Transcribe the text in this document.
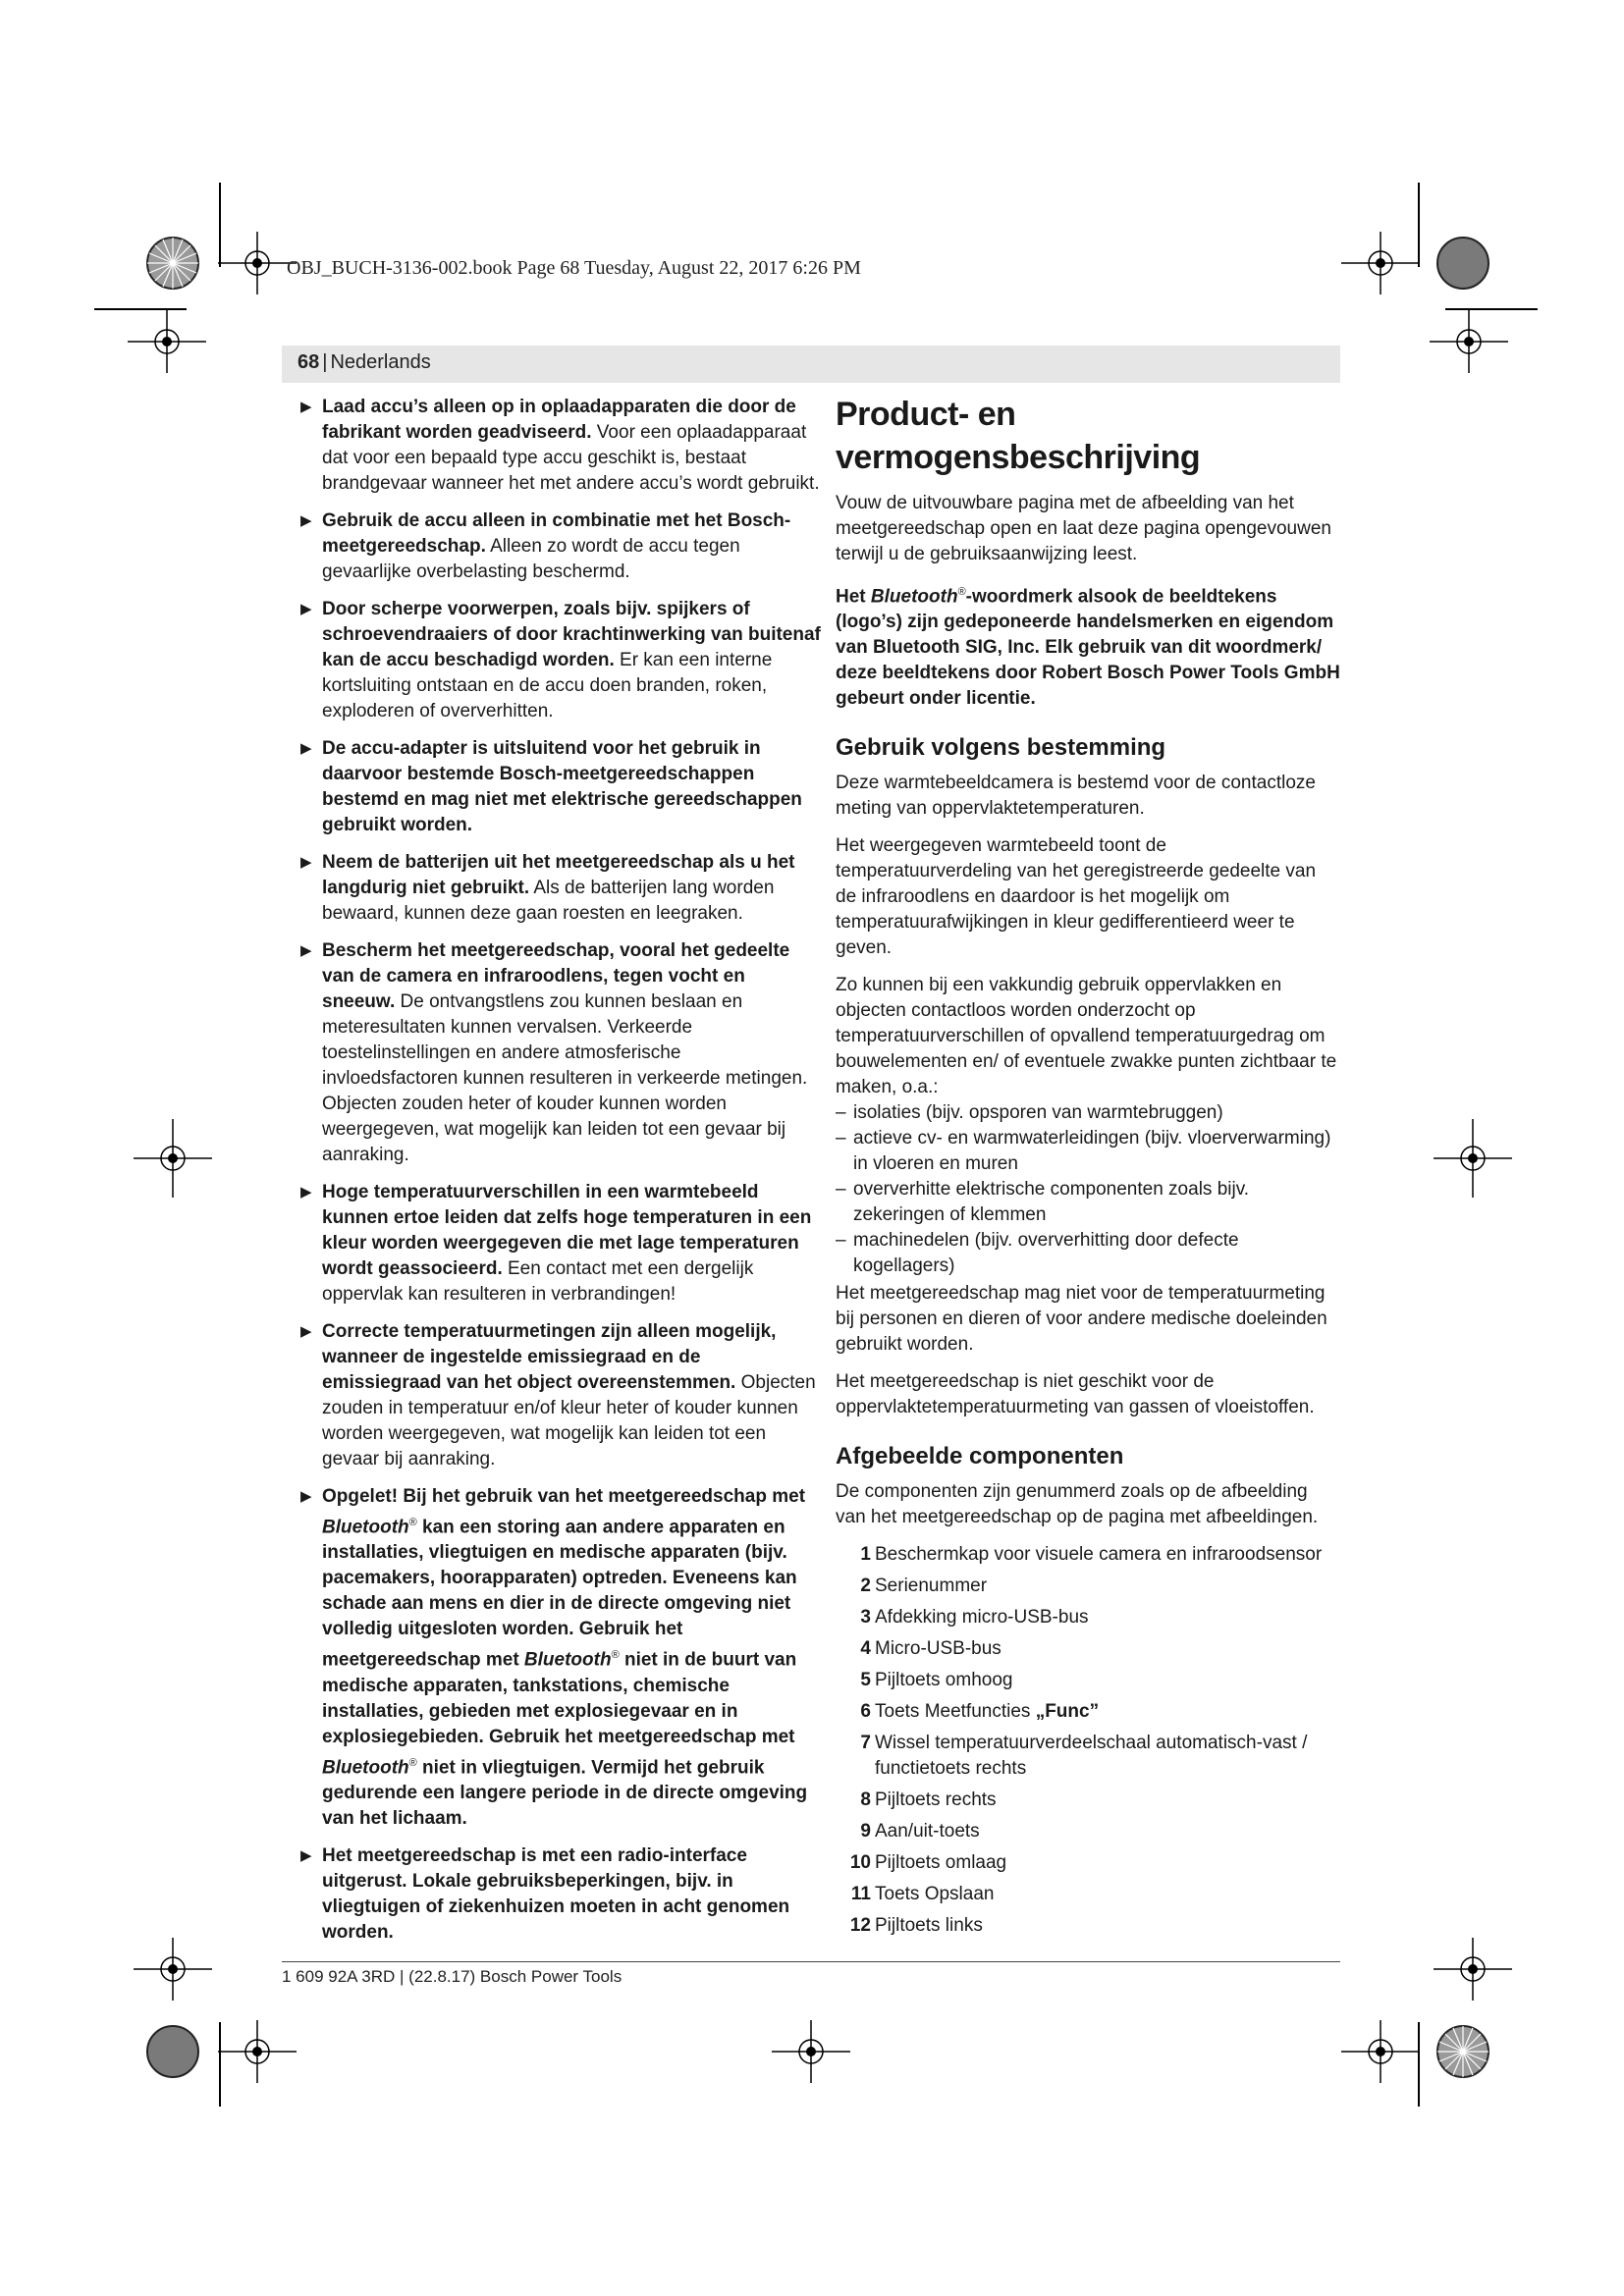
OBJ_BUCH-3136-002.book Page 68 Tuesday, August 22, 2017 6:26 PM
68 | Nederlands
▶ Laad accu’s alleen op in oplaadapparaten die door de fabrikant worden geadviseerd. Voor een oplaadapparaat dat voor een bepaald type accu geschikt is, bestaat brandgevaar wanneer het met andere accu’s wordt gebruikt.
▶ Gebruik de accu alleen in combinatie met het Bosch-meetgereedschap. Alleen zo wordt de accu tegen gevaarlijke overbelasting beschermd.
▶ Door scherpe voorwerpen, zoals bijv. spijkers of schroevendraaiers of door krachtinwerking van buitenaf kan de accu beschadigd worden. Er kan een interne kortsluiting ontstaan en de accu doen branden, roken, exploderen of oververhitten.
▶ De accu-adapter is uitsluitend voor het gebruik in daarvoor bestemde Bosch-meetgereedschappen bestemd en mag niet met elektrische gereedschappen gebruikt worden.
▶ Neem de batterijen uit het meetgereedschap als u het langdurig niet gebruikt. Als de batterijen lang worden bewaard, kunnen deze gaan roesten en leegraken.
▶ Bescherm het meetgereedschap, vooral het gedeelte van de camera en infraroodlens, tegen vocht en sneeuw. De ontvangstlens zou kunnen beslaan en meteresultaten kunnen vervalsen. Verkeerde toestelinstellingen en andere atmosferische invloedsfactoren kunnen resulteren in verkeerde metingen. Objecten zouden heter of kouder kunnen worden weergegeven, wat mogelijk kan leiden tot een gevaar bij aanraking.
▶ Hoge temperatuurverschillen in een warmtebeeld kunnen ertoe leiden dat zelfs hoge temperaturen in een kleur worden weergegeven die met lage temperaturen wordt geassocieerd. Een contact met een dergelijk oppervlak kan resulteren in verbrandingen!
▶ Correcte temperatuurmetingen zijn alleen mogelijk, wanneer de ingestelde emissiegraad en de emissiegraad van het object overeenstemmen. Objecten zouden in temperatuur en/of kleur heter of kouder kunnen worden weergegeven, wat mogelijk kan leiden tot een gevaar bij aanraking.
▶ Opgelet! Bij het gebruik van het meetgereedschap met Bluetooth® kan een storing aan andere apparaten en installaties, vliegtuigen en medische apparaten (bijv. pacemakers, hoorapparaten) optreden. Eveneens kan schade aan mens en dier in de directe omgeving niet volledig uitgesloten worden. Gebruik het meetgereedschap met Bluetooth® niet in de buurt van medische apparaten, tankstations, chemische installaties, gebieden met explosiegevaar en in explosiegebieden. Gebruik het meetgereedschap met Bluetooth® niet in vliegtuigen. Vermijd het gebruik gedurende een langere periode in de directe omgeving van het lichaam.
▶ Het meetgereedschap is met een radio-interface uitgerust. Lokale gebruiksbeperkingen, bijv. in vliegtuigen of ziekenhuizen moeten in acht genomen worden.
Product- en vermogensbeschrijving

Vouw de uitvouwbare pagina met de afbeelding van het meetgereedschap open en laat deze pagina opengevouwen terwijl u de gebruiksaanwijzing leest.

Het Bluetooth®-woordmerk alsook de beeldtekens (logo’s) zijn gedeponeerde handelsmerken en eigendom van Bluetooth SIG, Inc. Elk gebruik van dit woordmerk/ deze beeldtekens door Robert Bosch Power Tools GmbH gebeurt onder licentie.

Gebruik volgens bestemming

Deze warmtebeeldcamera is bestemd voor de contactloze meting van oppervlaktetemperaturen.

Het weergegeven warmtebeeld toont de temperatuurverdeling van het geregistreerde gedeelte van de infraroodlens en daardoor is het mogelijk om temperatuurafwijkingen in kleur gedifferentieerd weer te geven.

Zo kunnen bij een vakkundig gebruik oppervlakken en objecten contactloos worden onderzocht op temperatuurverschillen of opvallend temperatuurgedrag om bouwelementen en/ of eventuele zwakke punten zichtbaar te maken, o.a.:

– isolaties (bijv. opsporen van warmtebruggen)
– actieve cv- en warmwaterleidingen (bijv. vloerverwarming) in vloeren en muren
– oververhitte elektrische componenten zoals bijv. zekeringen of klemmen
– machinedelen (bijv. oververhitting door defecte kogellagers)

Het meetgereedschap mag niet voor de temperatuurmeting bij personen en dieren of voor andere medische doeleinden gebruikt worden.

Het meetgereedschap is niet geschikt voor de oppervlaktetemperatuurmeting van gassen of vloeistoffen.

Afgebeelde componenten

De componenten zijn genummerd zoals op de afbeelding van het meetgereedschap op de pagina met afbeeldingen.

1 Beschermkap voor visuele camera en infraroodsensor
2 Serienummer
3 Afdekking micro-USB-bus
4 Micro-USB-bus
5 Pijltoets omhoog
6 Toets Meetfuncties „Func”
7 Wissel temperatuurverdeelschaal automatisch-vast / functietoets rechts
8 Pijltoets rechts
9 Aan/uit-toets
10 Pijltoets omlaag
11 Toets Opslaan
12 Pijltoets links
1 609 92A 3RD | (22.8.17) Bosch Power Tools
